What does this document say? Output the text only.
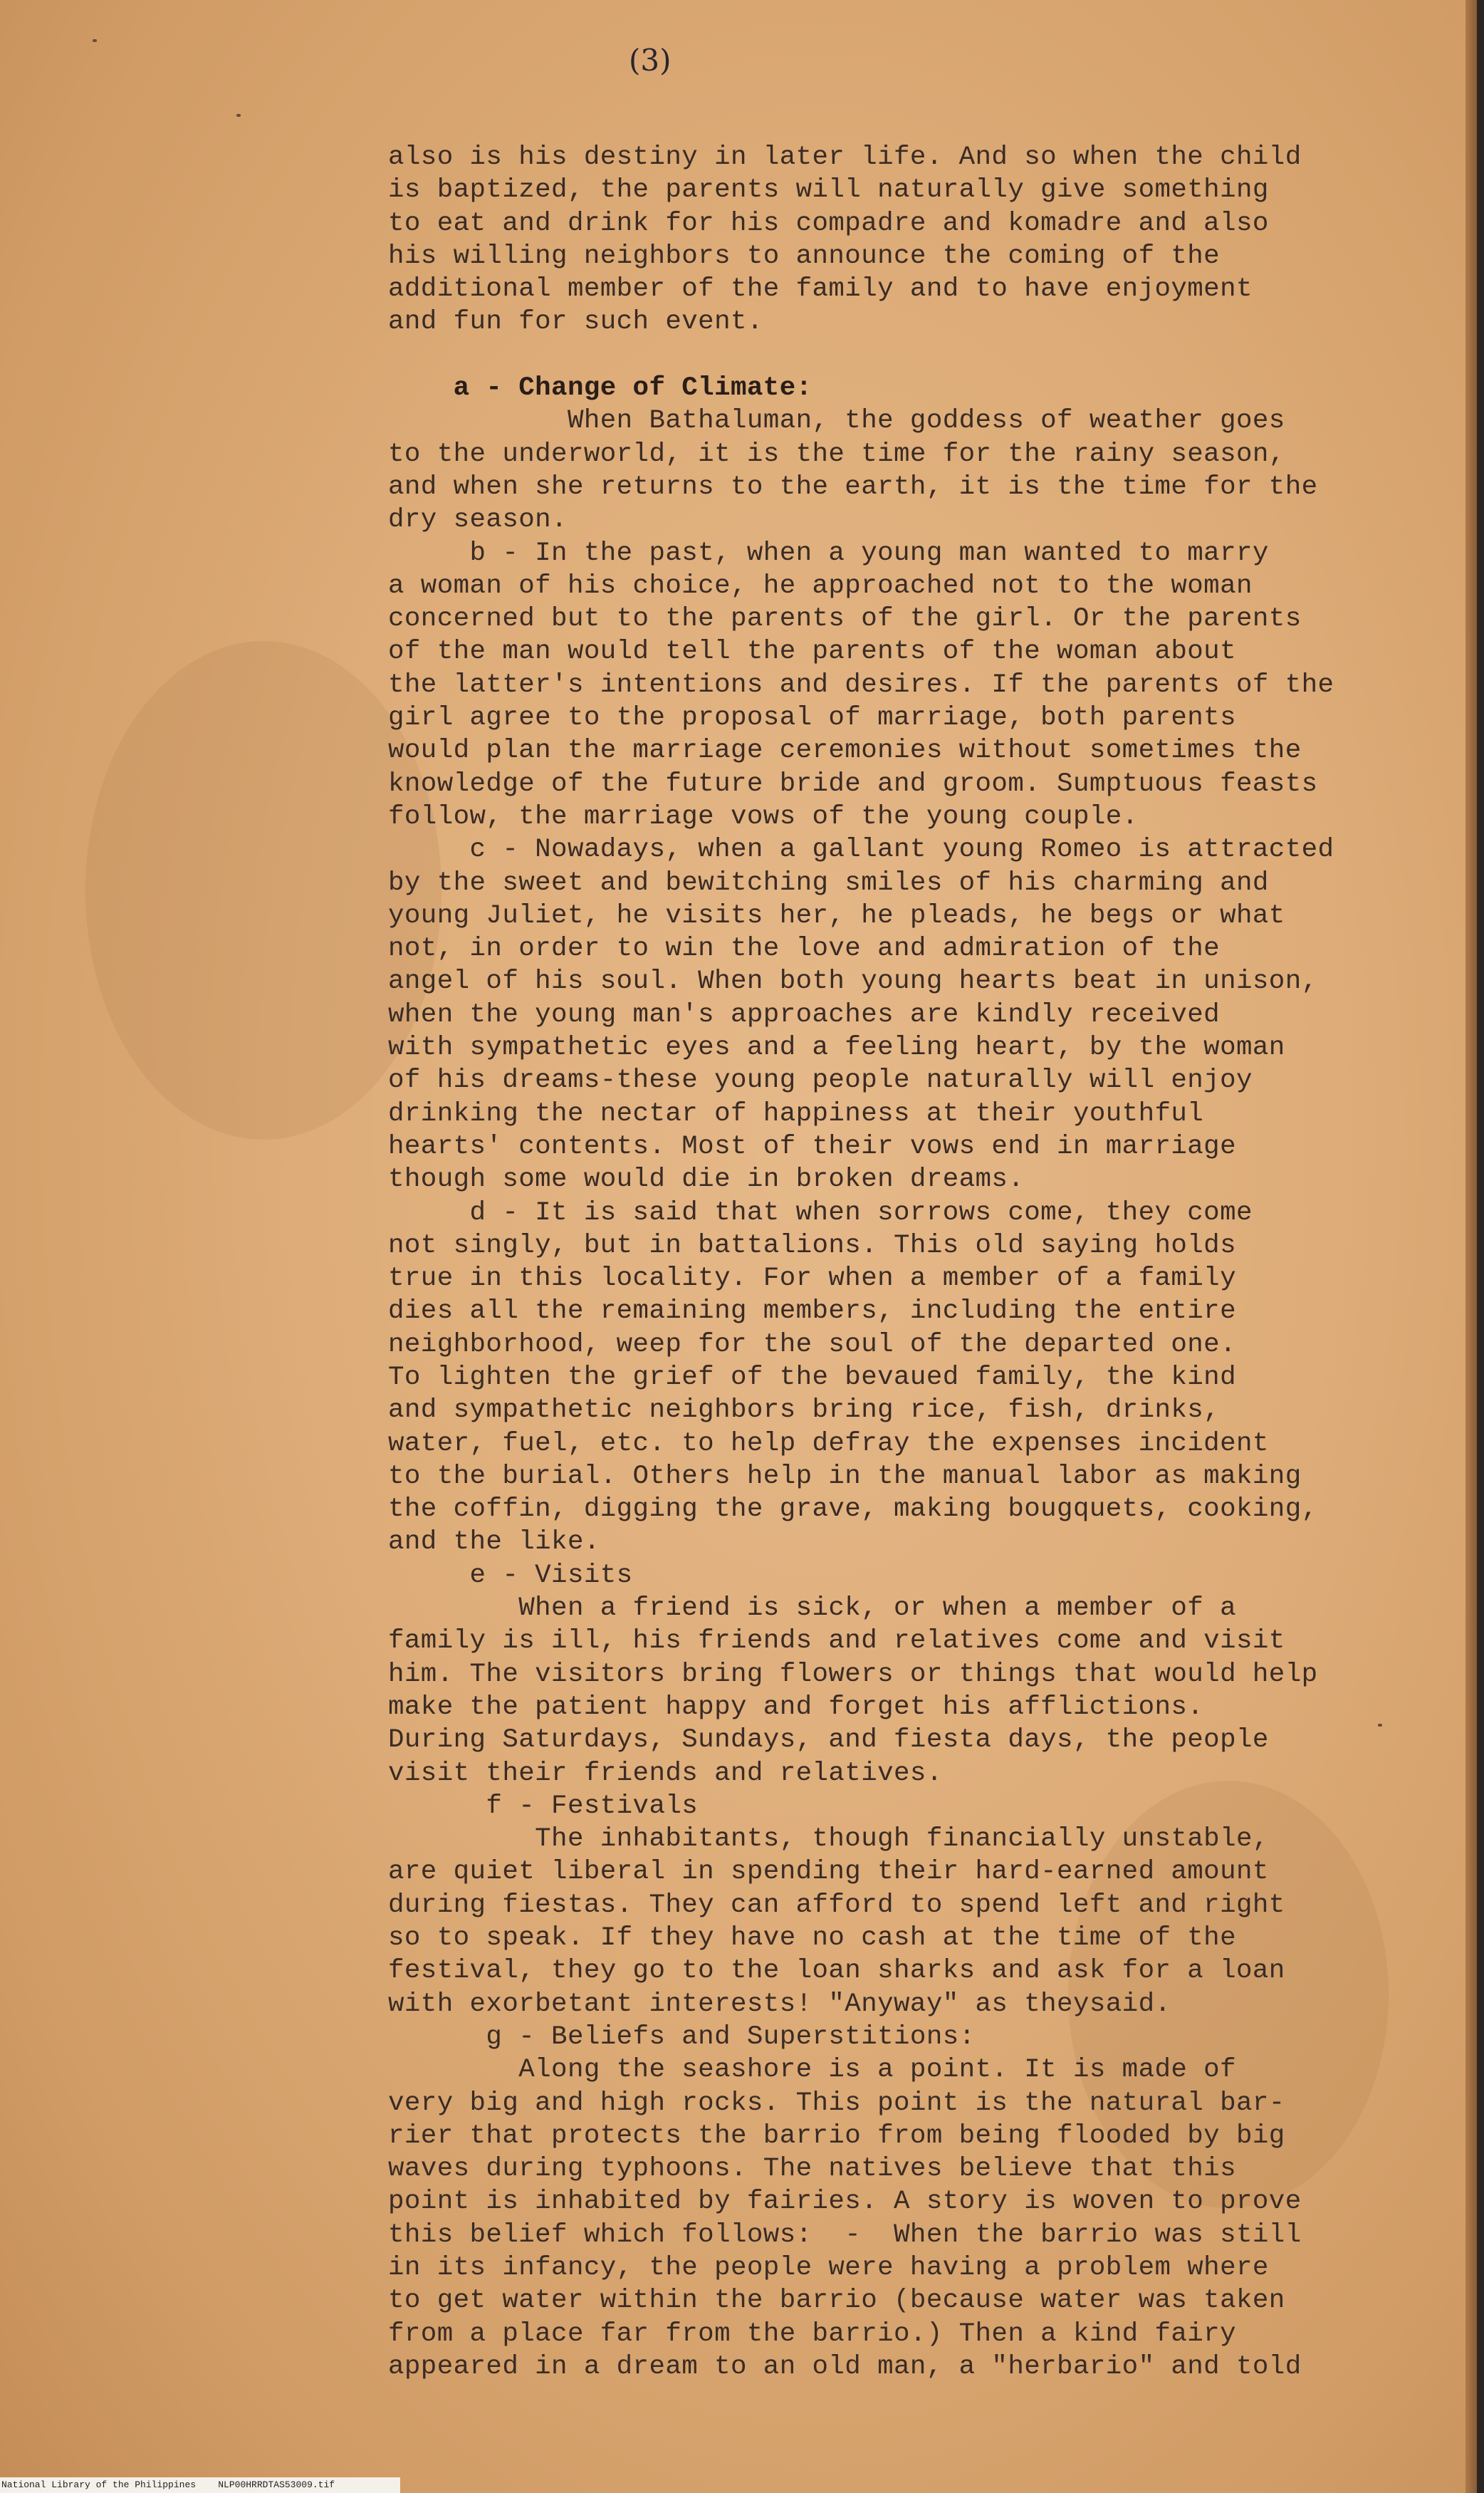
(3)
also is his destiny in later life. And so when the child
is baptized, the parents will naturally give something
to eat and drink for his compadre and komadre and also
his willing neighbors to announce the coming of the
additional member of the family and to have enjoyment
and fun for such event.
a - Change of Climate:
When Bathaluman, the goddess of weather goes
to the underworld, it is the time for the rainy season,
and when she returns to the earth, it is the time for the
dry season.
b - In the past, when a young man wanted to marry
a woman of his choice, he approached not to the woman
concerned but to the parents of the girl. Or the parents
of the man would tell the parents of the woman about
the latter's intentions and desires. If the parents of the
girl agree to the proposal of marriage, both parents
would plan the marriage ceremonies without sometimes the
knowledge of the future bride and groom. Sumptuous feasts
follow, the marriage vows of the young couple.
c - Nowadays, when a gallant young Romeo is attracted
by the sweet and bewitching smiles of his charming and
young Juliet, he visits her, he pleads, he begs or what
not, in order to win the love and admiration of the
angel of his soul. When both young hearts beat in unison,
when the young man's approaches are kindly received
with sympathetic eyes and a feeling heart, by the woman
of his dreams-these young people naturally will enjoy
drinking the nectar of happiness at their youthful
hearts' contents. Most of their vows end in marriage
though some would die in broken dreams.
d - It is said that when sorrows come, they come
not singly, but in battalions. This old saying holds
true in this locality. For when a member of a family
dies all the remaining members, including the entire
neighborhood, weep for the soul of the departed one.
To lighten the grief of the bevaued family, the kind
and sympathetic neighbors bring rice, fish, drinks,
water, fuel, etc. to help defray the expenses incident
to the burial. Others help in the manual labor as making
the coffin, digging the grave, making bougquets, cooking,
and the like.
e - Visits
When a friend is sick, or when a member of a
family is ill, his friends and relatives come and visit
him. The visitors bring flowers or things that would help
make the patient happy and forget his afflictions.
During Saturdays, Sundays, and fiesta days, the people
visit their friends and relatives.
f - Festivals
The inhabitants, though financially unstable,
are quiet liberal in spending their hard-earned amount
during fiestas. They can afford to spend left and right
so to speak. If they have no cash at the time of the
festival, they go to the loan sharks and ask for a loan
with exorbetant interests! "Anyway" as theysaid.
g - Beliefs and Superstitions:
Along the seashore is a point. It is made of
very big and high rocks. This point is the natural bar-
rier that protects the barrio from being flooded by big
waves during typhoons. The natives believe that this
point is inhabited by fairies. A story is woven to prove
this belief which follows:  -  When the barrio was still
in its infancy, the people were having a problem where
to get water within the barrio (because water was taken
from a place far from the barrio.) Then a kind fairy
appeared in a dream to an old man, a "herbario" and told
National Library of the Philippines    NLP00HRRDTAS53009.tif
